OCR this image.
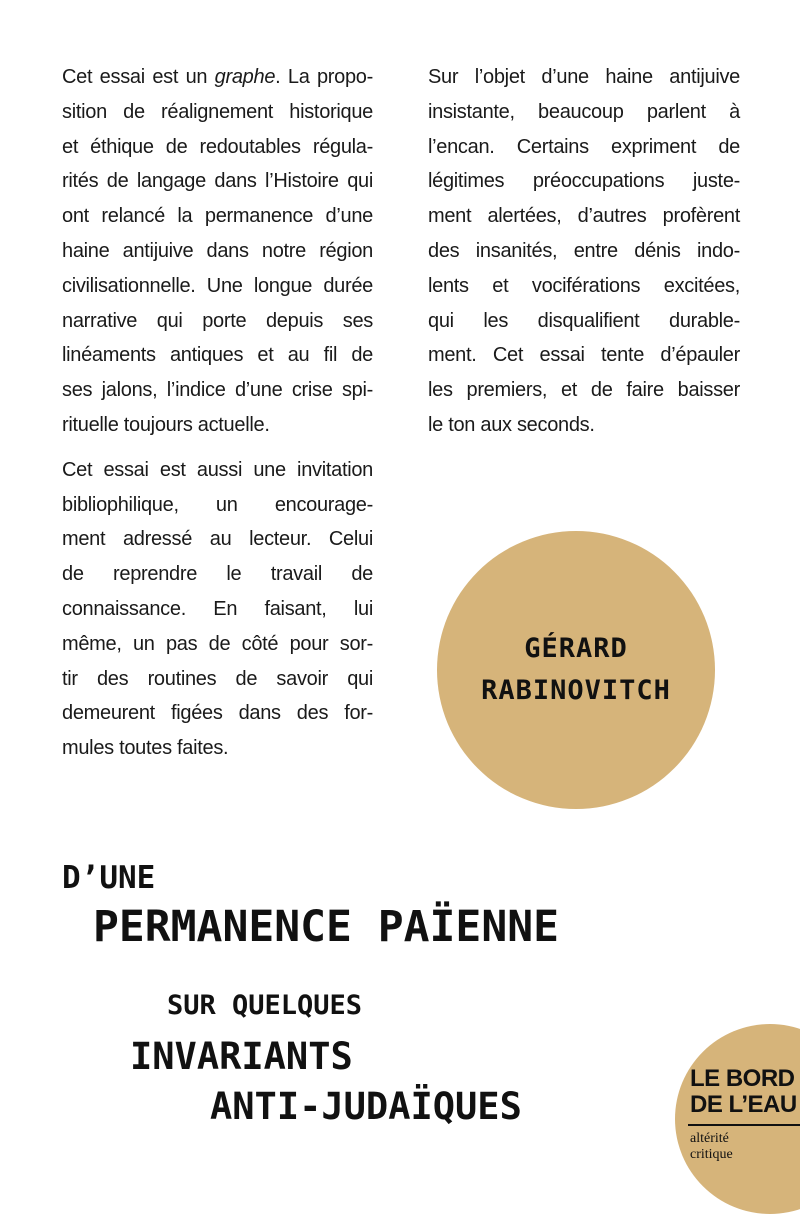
Cet essai est un graphe. La propo-
sition de réalignement historique
et éthique de redoutables régula-
rités de langage dans l’Histoire qui
ont relancé la permanence d’une
haine antijuive dans notre région
civilisationnelle. Une longue durée
narrative qui porte depuis ses
linéaments antiques et au fil de
ses jalons, l’indice d’une crise spi-
rituelle toujours actuelle.

Cet essai est aussi une invitation
bibliophilique, un encourage-
ment adressé au lecteur. Celui
de reprendre le travail de
connaissance. En faisant, lui
même, un pas de côté pour sor-
tir des routines de savoir qui
demeurent figées dans des for-
mules toutes faites.

Sur l’objet d’une haine antijuive
insistante, beaucoup parlent à
l’encan. Certains expriment de
légitimes préoccupations juste-
ment alertées, d’autres profèrent
des insanités, entre dénis indo-
lents et vociférations excitées,
qui les disqualifient durable-
ment. Cet essai tente d’épauler
les premiers, et de faire baisser
le ton aux seconds.

GÉRARD
RABINOVITCH
D’UNE
PERMANENCE PAÏENNE
SUR QUELQUES
INVARIANTS
ANTI-JUDAÏQUES
LE BORD
DE L’EAU
altérité
critique
